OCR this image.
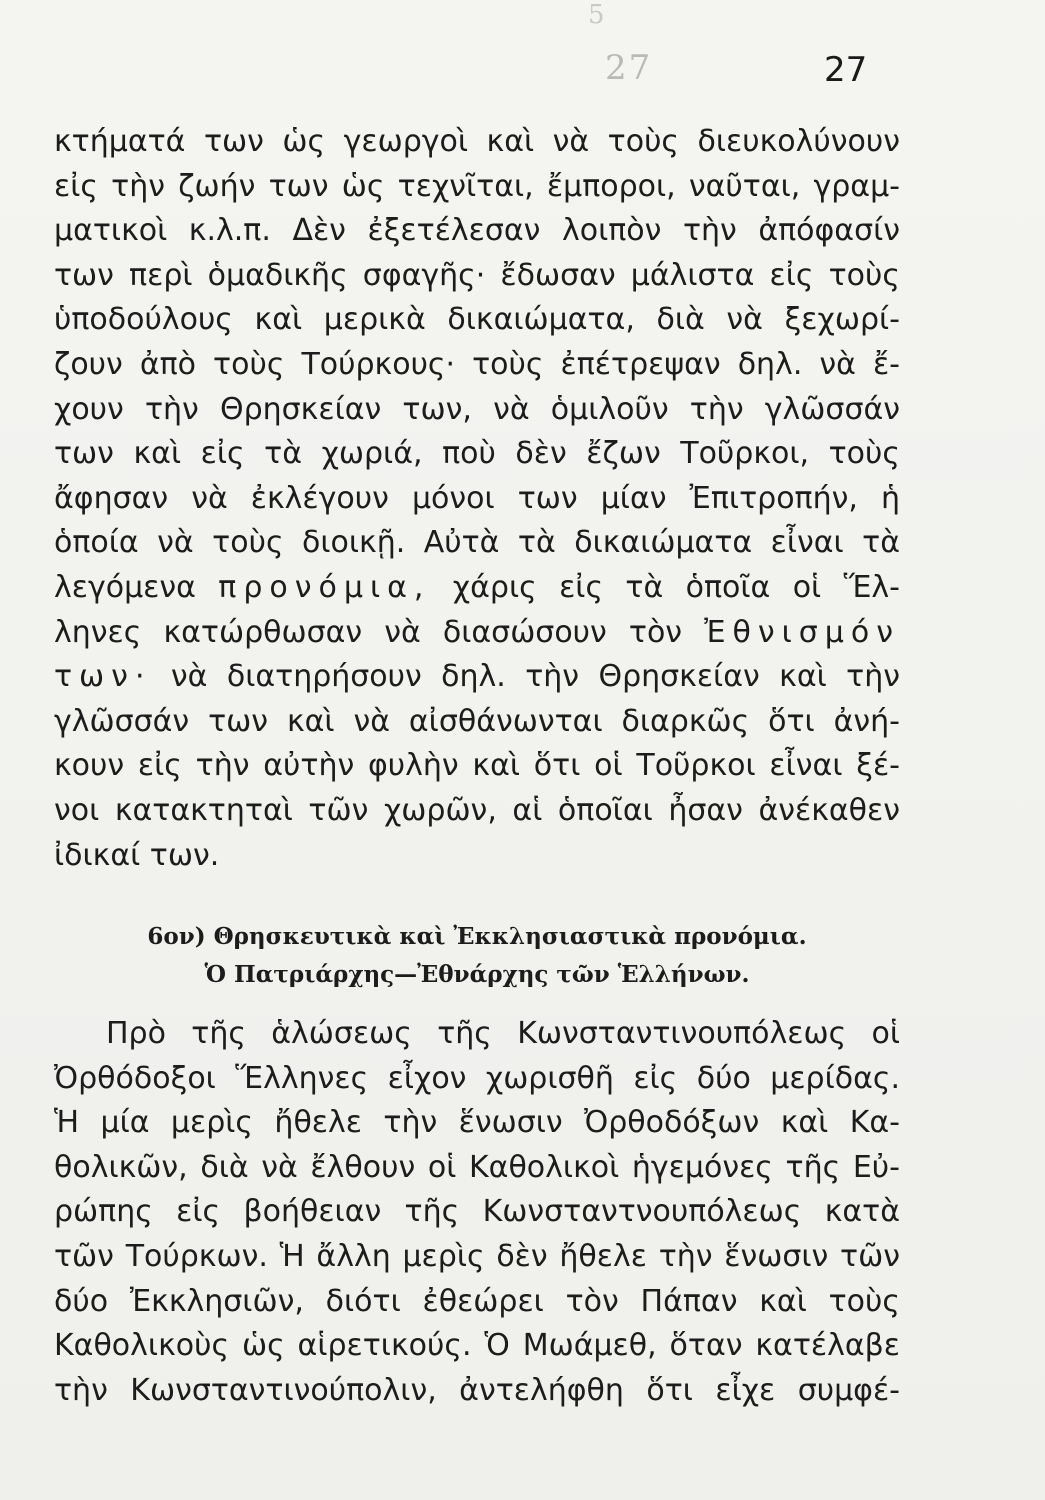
5
27	27
κτήματά των ὡς γεωργοὶ καὶ νὰ τοὺς διευκολύνουν
εἰς τὴν ζωήν των ὡς τεχνῖται, ἔμποροι, ναῦται, γραμ-
ματικοὶ κ.λ.π. Δὲν ἐξετέλεσαν λοιπὸν τὴν ἀπόφασίν
των περὶ ὁμαδικῆς σφαγῆς· ἔδωσαν μάλιστα εἰς τοὺς
ὑποδούλους καὶ μερικὰ δικαιώματα, διὰ νὰ ξεχωρί-
ζουν ἀπὸ τοὺς Τούρκους· τοὺς ἐπέτρεψαν δηλ. νὰ ἔ-
χουν τὴν Θρησκείαν των, νὰ ὁμιλοῦν τὴν γλῶσσάν
των καὶ εἰς τὰ χωριά, ποὺ δὲν ἔζων Τοῦρκοι, τοὺς
ἄφησαν νὰ ἐκλέγουν μόνοι των μίαν Ἐπιτροπήν, ἡ
ὁποία νὰ τοὺς διοικῇ. Αὐτὰ τὰ δικαιώματα εἶναι τὰ
λεγόμενα προνόμια, χάρις εἰς τὰ ὁποῖα οἱ Ἕλ-
ληνες κατώρθωσαν νὰ διασώσουν τὸν Ἐθνισμόν
των· νὰ διατηρήσουν δηλ. τὴν Θρησκείαν καὶ τὴν
γλῶσσάν των καὶ νὰ αἰσθάνωνται διαρκῶς ὅτι ἀνή-
κουν εἰς τὴν αὐτὴν φυλὴν καὶ ὅτι οἱ Τοῦρκοι εἶναι ξέ-
νοι κατακτηταὶ τῶν χωρῶν, αἱ ὁποῖαι ἦσαν ἀνέκαθεν
ἰδικαί των.
6ον) Θρησκευτικὰ καὶ Ἐκκλησιαστικὰ προνόμια.
Ὁ Πατριάρχης—Ἐθνάρχης τῶν Ἑλλήνων.
Πρὸ τῆς ἁλώσεως τῆς Κωνσταντινουπόλεως οἱ
Ὀρθόδοξοι Ἕλληνες εἶχον χωρισθῆ εἰς δύο μερίδας.
Ἡ μία μερὶς ἤθελε τὴν ἕνωσιν Ὀρθοδόξων καὶ Κα-
θολικῶν, διὰ νὰ ἔλθουν οἱ Καθολικοὶ ἡγεμόνες τῆς Εὐ-
ρώπης εἰς βοήθειαν τῆς Κωνσταντνουπόλεως κατὰ
τῶν Τούρκων. Ἡ ἄλλη μερὶς δὲν ἤθελε τὴν ἕνωσιν τῶν
δύο Ἐκκλησιῶν, διότι ἐθεώρει τὸν Πάπαν καὶ τοὺς
Καθολικοὺς ὡς αἱρετικούς. Ὁ Μωάμεθ, ὅταν κατέλαβε
τὴν Κωνσταντινούπολιν, ἀντελήφθη ὅτι εἶχε συμφέ-
